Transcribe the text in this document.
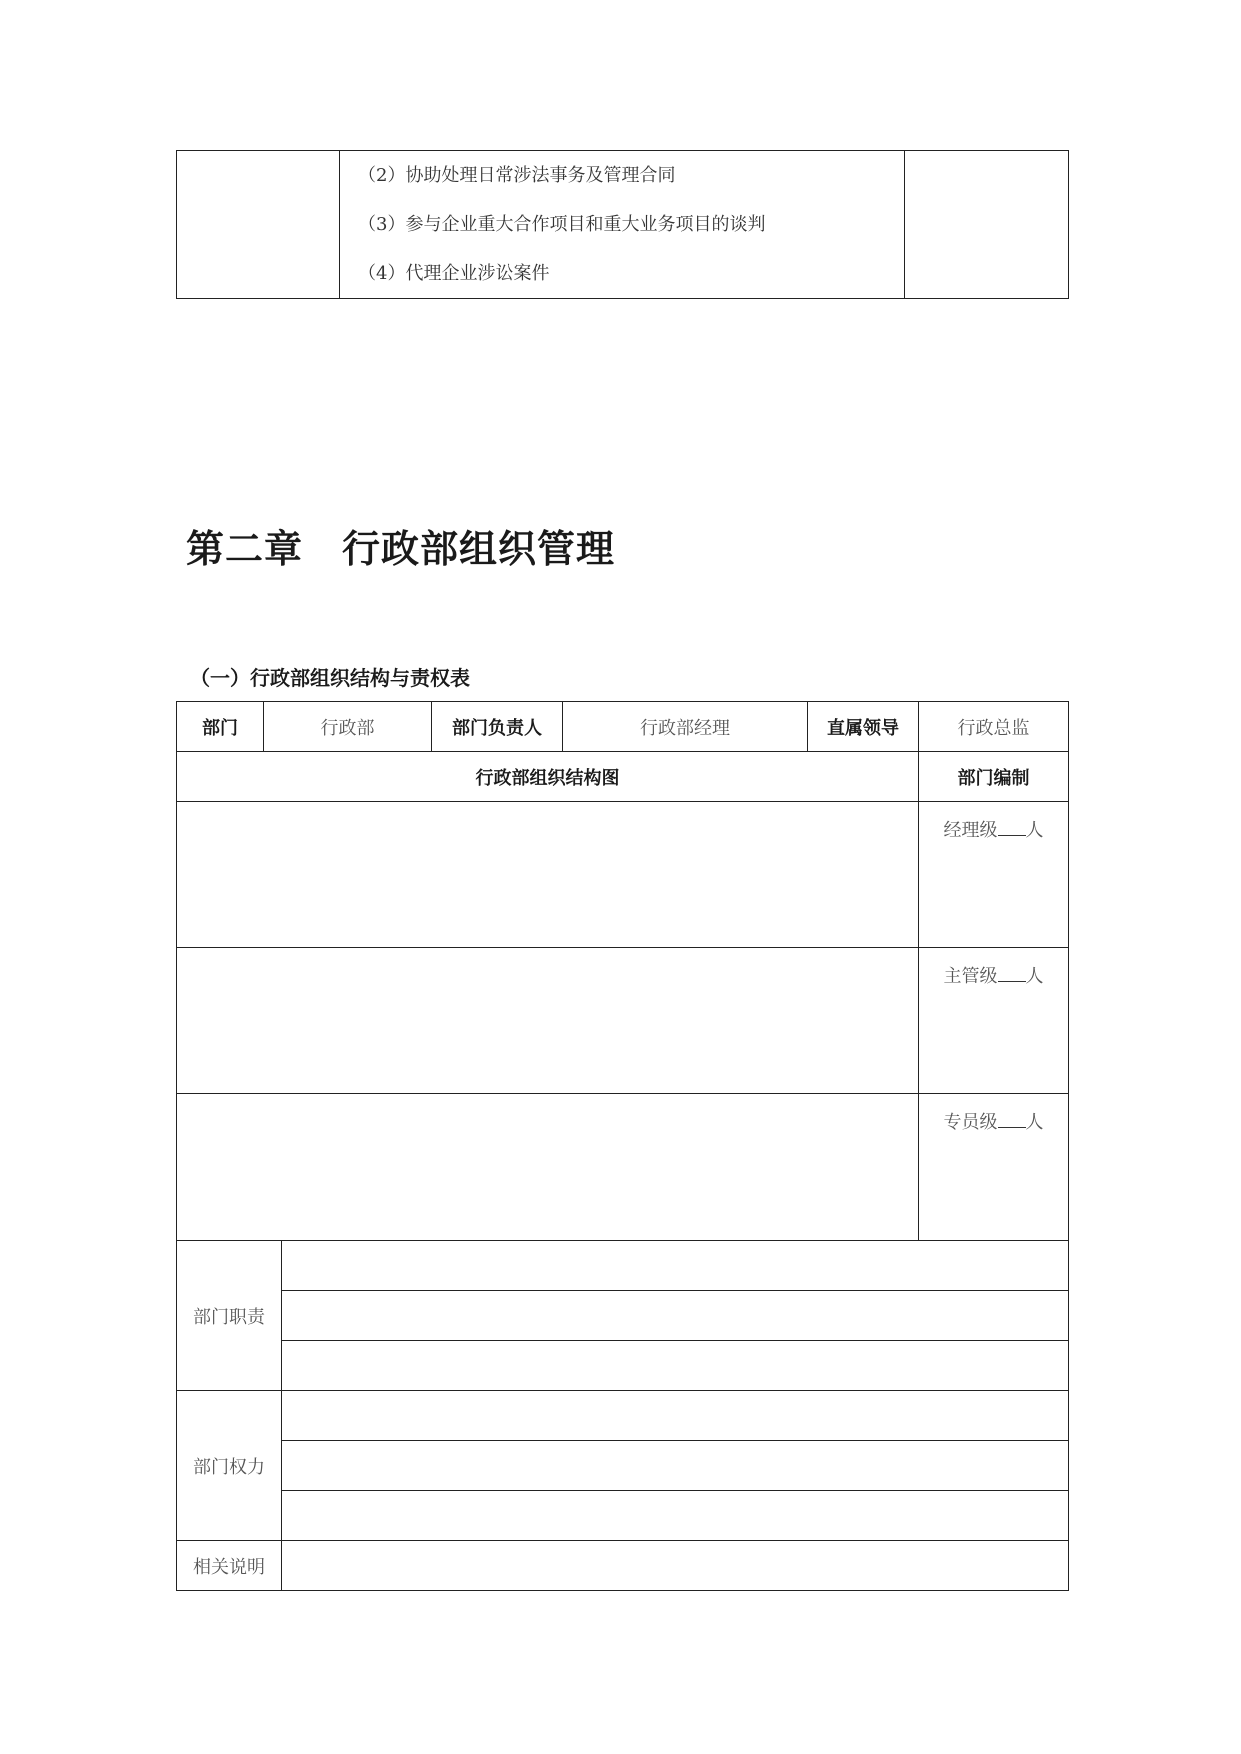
（2）协助处理日常涉法事务及管理合同
（3）参与企业重大合作项目和重大业务项目的谈判
（4）代理企业涉讼案件

第二章　行政部组织管理
（一）行政部组织结构与责权表
部门	行政部		部门负责人	行政部经理	直属领导	行政总监
行政部组织结构图						部门编制
						经理级 人
						主管级 人
						专员级 人
部门职责						

部门权力						

相关说明						
